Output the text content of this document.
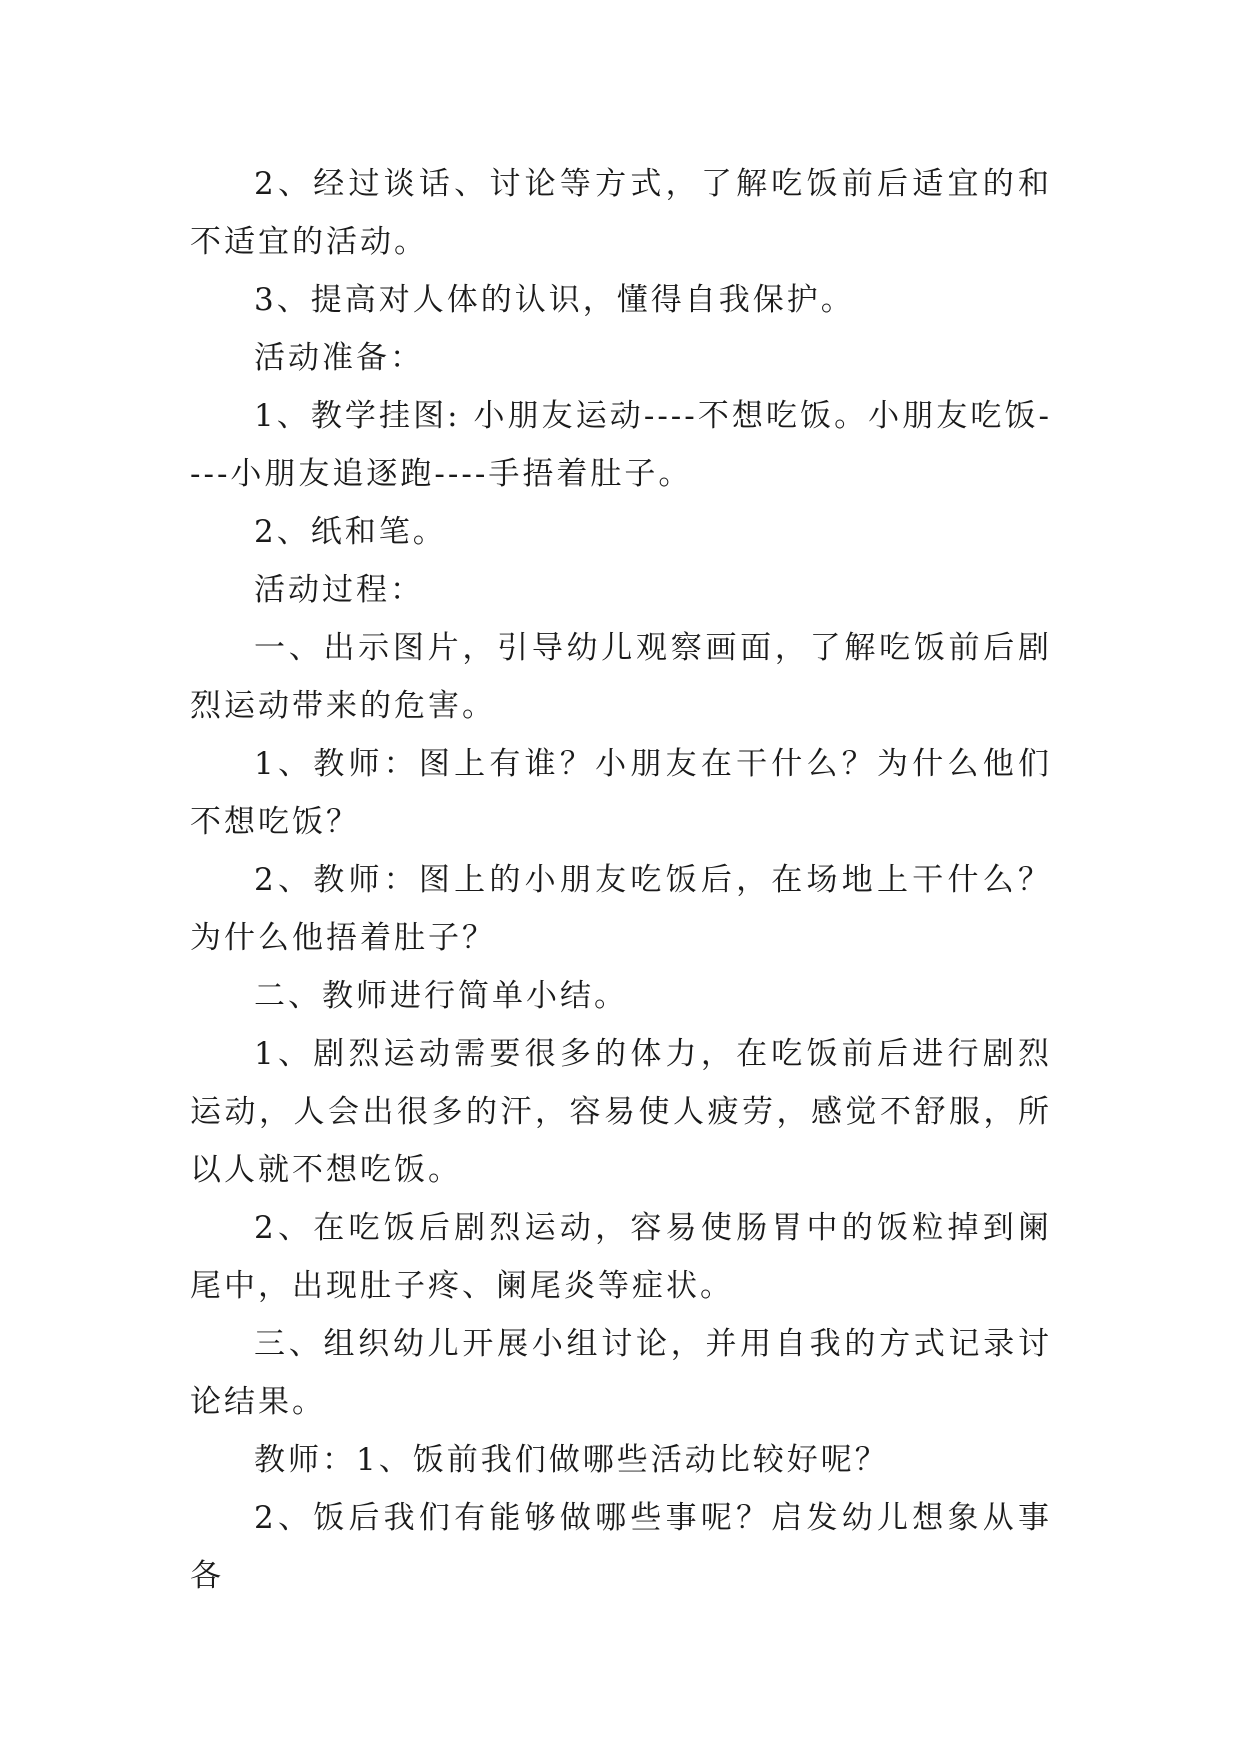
2、经过谈话、讨论等方式，了解吃饭前后适宜的和不适宜的活动。

3、提高对人体的认识，懂得自我保护。

活动准备：

1、教学挂图: 小朋友运动----不想吃饭。小朋友吃饭----小朋友追逐跑----手捂着肚子。

2、纸和笔。

活动过程：

一、出示图片，引导幼儿观察画面，了解吃饭前后剧烈运动带来的危害。

1、教师：图上有谁？小朋友在干什么？为什么他们不想吃饭？

2、教师：图上的小朋友吃饭后，在场地上干什么？为什么他捂着肚子？

二、教师进行简单小结。

1、剧烈运动需要很多的体力，在吃饭前后进行剧烈运动，人会出很多的汗，容易使人疲劳，感觉不舒服，所以人就不想吃饭。

2、在吃饭后剧烈运动，容易使肠胃中的饭粒掉到阑尾中，出现肚子疼、阑尾炎等症状。

三、组织幼儿开展小组讨论，并用自我的方式记录讨论结果。

教师：1、饭前我们做哪些活动比较好呢？

2、饭后我们有能够做哪些事呢？启发幼儿想象从事各
